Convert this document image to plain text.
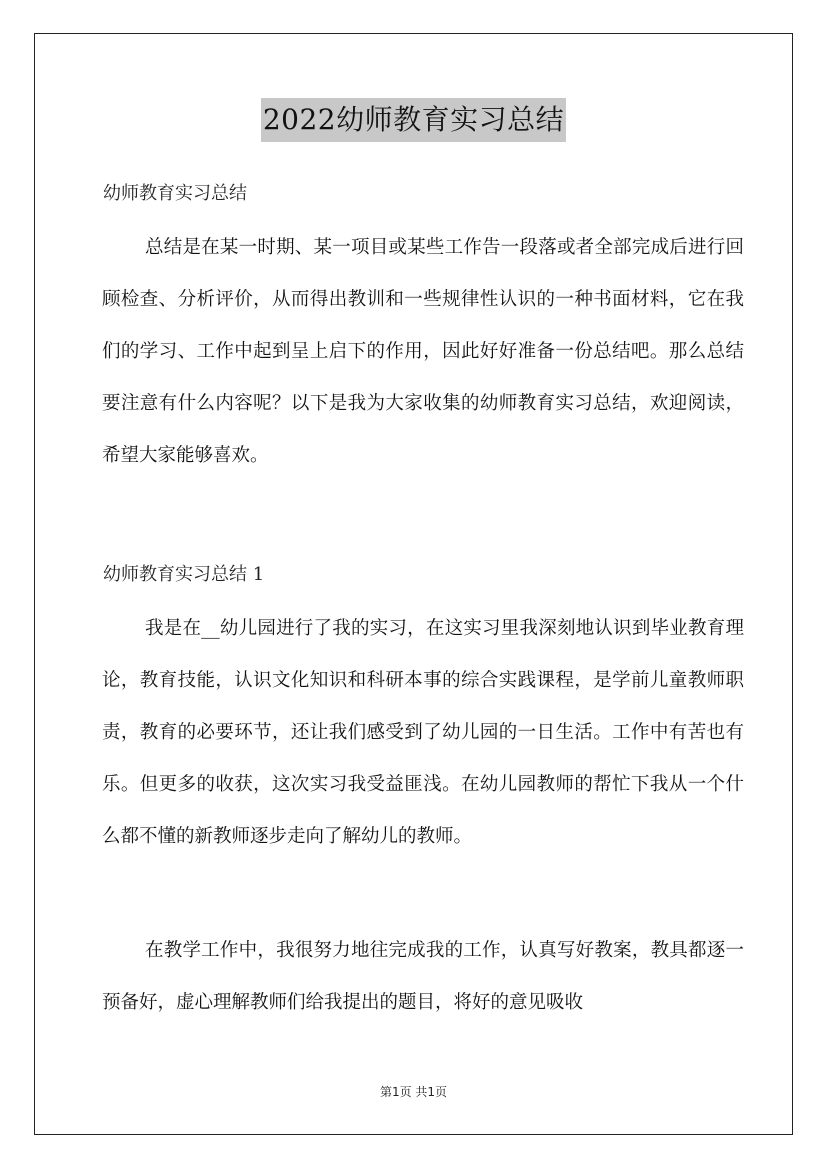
2022幼师教育实习总结
幼师教育实习总结

总结是在某一时期、某一项目或某些工作告一段落或者全部完成后进行回顾检查、分析评价，从而得出教训和一些规律性认识的一种书面材料，它在我们的学习、工作中起到呈上启下的作用，因此好好准备一份总结吧。那么总结要注意有什么内容呢？以下是我为大家收集的幼师教育实习总结，欢迎阅读，希望大家能够喜欢。

幼师教育实习总结 1

我是在__幼儿园进行了我的实习，在这实习里我深刻地认识到毕业教育理论，教育技能，认识文化知识和科研本事的综合实践课程，是学前儿童教师职责，教育的必要环节，还让我们感受到了幼儿园的一日生活。工作中有苦也有乐。但更多的收获，这次实习我受益匪浅。在幼儿园教师的帮忙下我从一个什么都不懂的新教师逐步走向了解幼儿的教师。

在教学工作中，我很努力地往完成我的工作，认真写好教案，教具都逐一预备好，虚心理解教师们给我提出的题目，将好的意见吸收

第1页 共1页
